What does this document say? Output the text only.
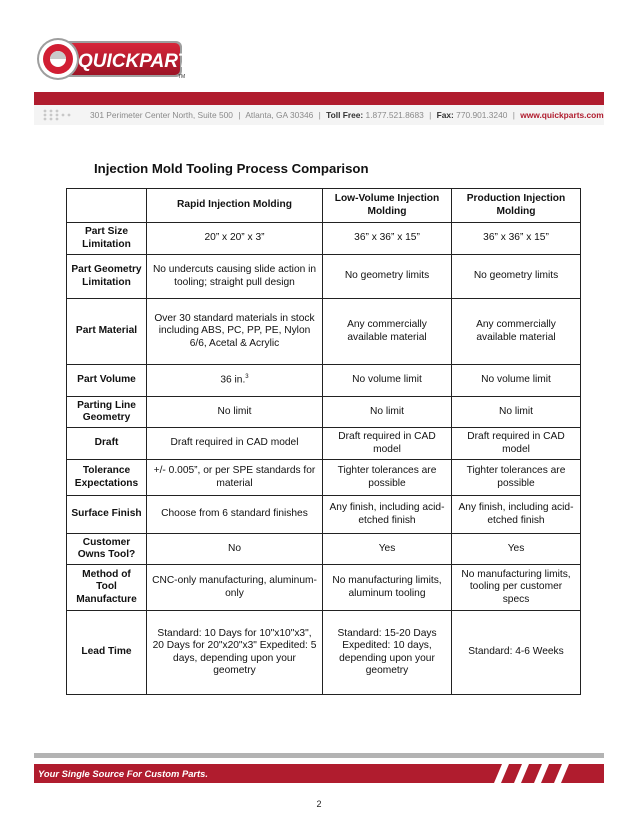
QUICKPARTS
TM
301 Perimeter Center North, Suite 500 | Atlanta, GA 30346 | Toll Free: 1.877.521.8683 | Fax: 770.901.3240 | www.quickparts.com
Injection Mold Tooling Process Comparison
	Rapid Injection Molding	Low-Volume Injection Molding	Production Injection Molding
Part Size Limitation	20” x 20” x 3”	36” x 36” x 15”	36” x 36” x 15”
Part Geometry Limitation	No undercuts causing slide action in tooling; straight pull design	No geometry limits	No geometry limits
Part Material	Over 30 standard materials in stock including ABS, PC, PP, PE, Nylon 6/6, Acetal & Acrylic	Any commercially available material	Any commercially available material
Part Volume	36 in.$^3$	No volume limit	No volume limit
Parting Line Geometry	No limit	No limit	No limit
Draft	Draft required in CAD model	Draft required in CAD model	Draft required in CAD model
Tolerance Expectations	+/- 0.005”, or per SPE standards for material	Tighter tolerances are possible	Tighter tolerances are possible
Surface Finish	Choose from 6 standard finishes	Any finish, including acid-etched finish	Any finish, including acid-etched finish
Customer Owns Tool?	No	Yes	Yes
Method of Tool Manufacture	CNC-only manufacturing, aluminum-only	No manufacturing limits, aluminum tooling	No manufacturing limits, tooling per customer specs
Lead Time	Standard: 10 Days for 10"x10"x3", 20 Days for 20"x20"x3" Expedited: 5 days, depending upon your geometry	Standard: 15-20 Days Expedited: 10 days, depending upon your geometry	Standard: 4-6 Weeks
Your Single Source For Custom Parts.
2
